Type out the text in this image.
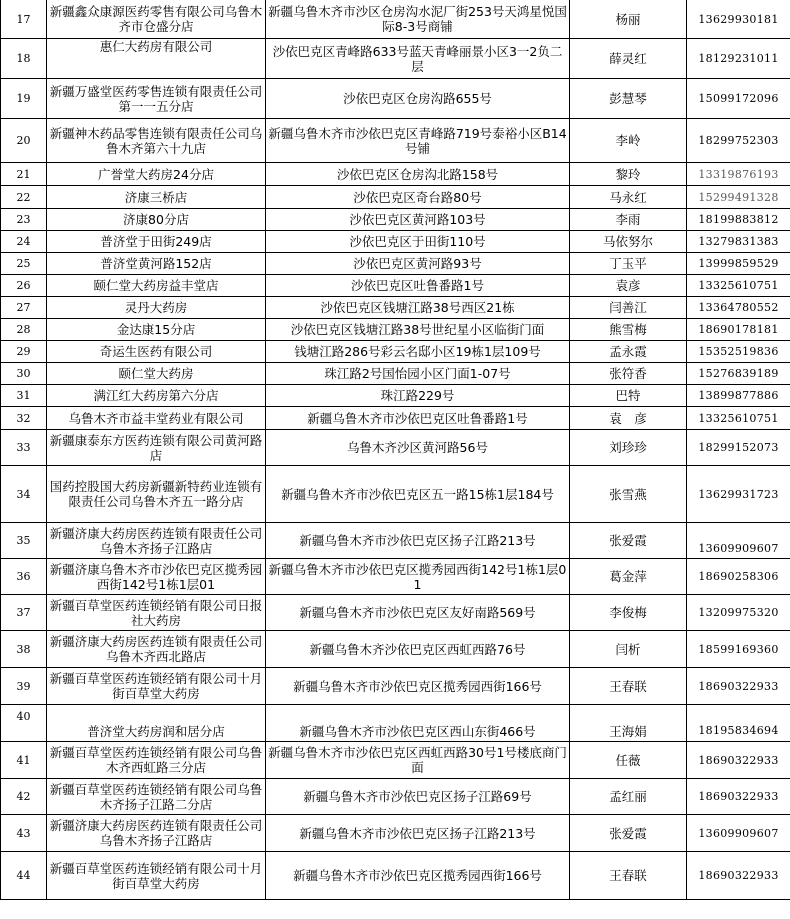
17	新疆鑫众康源医药零售有限公司乌鲁木齐市仓盛分店	新疆乌鲁木齐市沙区仓房沟水泥厂街253号天鸿星悦国际8-3号商铺	杨丽	13629930181
18	惠仁大药房有限公司	沙依巴克区青峰路633号蓝天青峰丽景小区3一2负二层	薛灵红	18129231011
19	新疆万盛堂医药零售连锁有限责任公司第一一五分店	沙依巴克区仓房沟路655号	彭慧琴	15099172096
20	新疆神木药品零售连锁有限责任公司乌鲁木齐第六十九店	新疆乌鲁木齐市沙依巴克区青峰路719号泰裕小区B14号铺	李岭	18299752303
21	广誉堂大药房24分店	沙依巴克区仓房沟北路158号	黎玲	13319876193
22	济康三桥店	沙依巴克区奇台路80号	马永红	15299491328
23	济康80分店	沙依巴克区黄河路103号	李雨	18199883812
24	普济堂于田街249店	沙依巴克区于田街110号	马依努尔	13279831383
25	普济堂黄河路152店	沙依巴克区黄河路93号	丁玉平	13999859529
26	颐仁堂大药房益丰堂店	沙依巴克区吐鲁番路1号	袁彦	13325610751
27	灵丹大药房	沙依巴克区钱塘江路38号西区21栋	闫善江	13364780552
28	金达康15分店	沙依巴克区钱塘江路38号世纪星小区临街门面	熊雪梅	18690178181
29	奇运生医药有限公司	钱塘江路286号彩云名邸小区19栋1层109号	孟永霞	15352519836
30	颐仁堂大药房	珠江路2号国怡园小区门面1-07号	张符香	15276839189
31	满江红大药房第六分店	珠江路229号	巴特	13899877886
32	乌鲁木齐市益丰堂药业有限公司	新疆乌鲁木齐市沙依巴克区吐鲁番路1号	袁　彦	13325610751
33	新疆康泰东方医药连锁有限公司黄河路店	乌鲁木齐沙区黄河路56号	刘珍珍	18299152073
34	国药控股国大药房新疆新特药业连锁有限责任公司乌鲁木齐五一路分店	新疆乌鲁木齐市沙依巴克区五一路15栋1层184号	张雪燕	13629931723
35	新疆济康大药房医药连锁有限责任公司乌鲁木齐扬子江路店	新疆乌鲁木齐市沙依巴克区扬子江路213号	张爱霞	13609909607
36	新疆济康乌鲁木齐市沙依巴克区揽秀园西街142号1栋1层01	新疆乌鲁木齐市沙依巴克区揽秀园西街142号1栋1层01	葛金萍	18690258306
37	新疆百草堂医药连锁经销有限公司日报社大药房	新疆乌鲁木齐市沙依巴克区友好南路569号	李俊梅	13209975320
38	新疆济康大药房医药连锁有限责任公司乌鲁木齐西北路店	新疆乌鲁木齐沙依巴克区西虹西路76号	闫析	18599169360
39	新疆百草堂医药连锁经销有限公司十月街百草堂大药房	新疆乌鲁木齐市沙依巴克区揽秀园西街166号	王春联	18690322933
40	普济堂大药房润和居分店	新疆乌鲁木齐市沙依巴克区西山东街466号	王海娟	18195834694
41	新疆百草堂医药连锁经销有限公司乌鲁木齐西虹路三分店	新疆乌鲁木齐市沙依巴克区西虹西路30号1号楼底商门面	任薇	18690322933
42	新疆百草堂医药连锁经销有限公司乌鲁木齐扬子江路二分店	新疆乌鲁木齐市沙依巴克区扬子江路69号	孟红丽	18690322933
43	新疆济康大药房医药连锁有限责任公司乌鲁木齐扬子江路店	新疆乌鲁木齐市沙依巴克区扬子江路213号	张爱霞	13609909607
44	新疆百草堂医药连锁经销有限公司十月街百草堂大药房	新疆乌鲁木齐市沙依巴克区揽秀园西街166号	王春联	18690322933
